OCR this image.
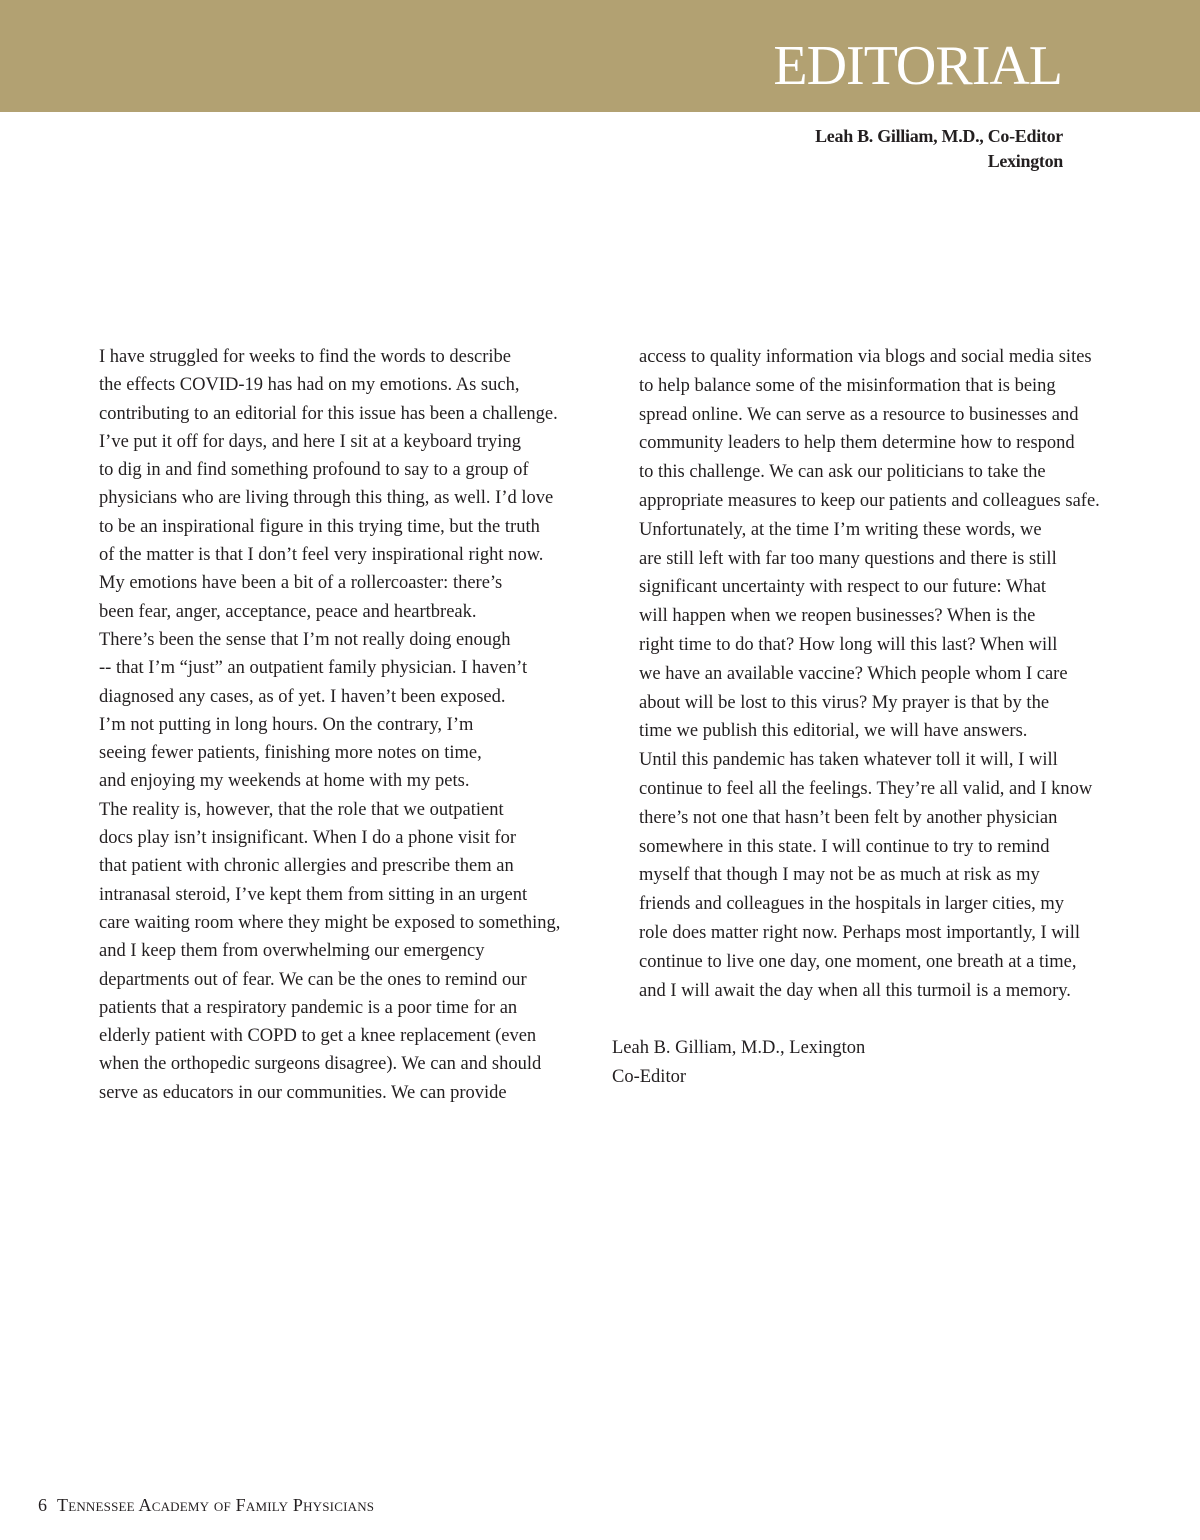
EDITORIAL
Leah B. Gilliam, M.D., Co-Editor
Lexington

I have struggled for weeks to find the words to describe
the effects COVID-19 has had on my emotions. As such,
contributing to an editorial for this issue has been a challenge.
I’ve put it off for days, and here I sit at a keyboard trying
to dig in and find something profound to say to a group of
physicians who are living through this thing, as well. I’d love
to be an inspirational figure in this trying time, but the truth
of the matter is that I don’t feel very inspirational right now.

My emotions have been a bit of a rollercoaster: there’s
been fear, anger, acceptance, peace and heartbreak.
There’s been the sense that I’m not really doing enough
-- that I’m “just” an outpatient family physician. I haven’t
diagnosed any cases, as of yet. I haven’t been exposed.
I’m not putting in long hours. On the contrary, I’m
seeing fewer patients, finishing more notes on time,
and enjoying my weekends at home with my pets.

The reality is, however, that the role that we outpatient
docs play isn’t insignificant. When I do a phone visit for
that patient with chronic allergies and prescribe them an
intranasal steroid, I’ve kept them from sitting in an urgent
care waiting room where they might be exposed to something,
and I keep them from overwhelming our emergency
departments out of fear. We can be the ones to remind our
patients that a respiratory pandemic is a poor time for an
elderly patient with COPD to get a knee replacement (even
when the orthopedic surgeons disagree). We can and should
serve as educators in our communities. We can provide

access to quality information via blogs and social media sites
to help balance some of the misinformation that is being
spread online. We can serve as a resource to businesses and
community leaders to help them determine how to respond
to this challenge. We can ask our politicians to take the
appropriate measures to keep our patients and colleagues safe.

Unfortunately, at the time I’m writing these words, we
are still left with far too many questions and there is still
significant uncertainty with respect to our future: What
will happen when we reopen businesses? When is the
right time to do that? How long will this last? When will
we have an available vaccine? Which people whom I care
about will be lost to this virus? My prayer is that by the
time we publish this editorial, we will have answers.

Until this pandemic has taken whatever toll it will, I will
continue to feel all the feelings. They’re all valid, and I know
there’s not one that hasn’t been felt by another physician
somewhere in this state. I will continue to try to remind
myself that though I may not be as much at risk as my
friends and colleagues in the hospitals in larger cities, my
role does matter right now. Perhaps most importantly, I will
continue to live one day, one moment, one breath at a time,
and I will await the day when all this turmoil is a memory.

Leah B. Gilliam, M.D., Lexington
Co-Editor

6 Tennessee Academy of Family Physicians
